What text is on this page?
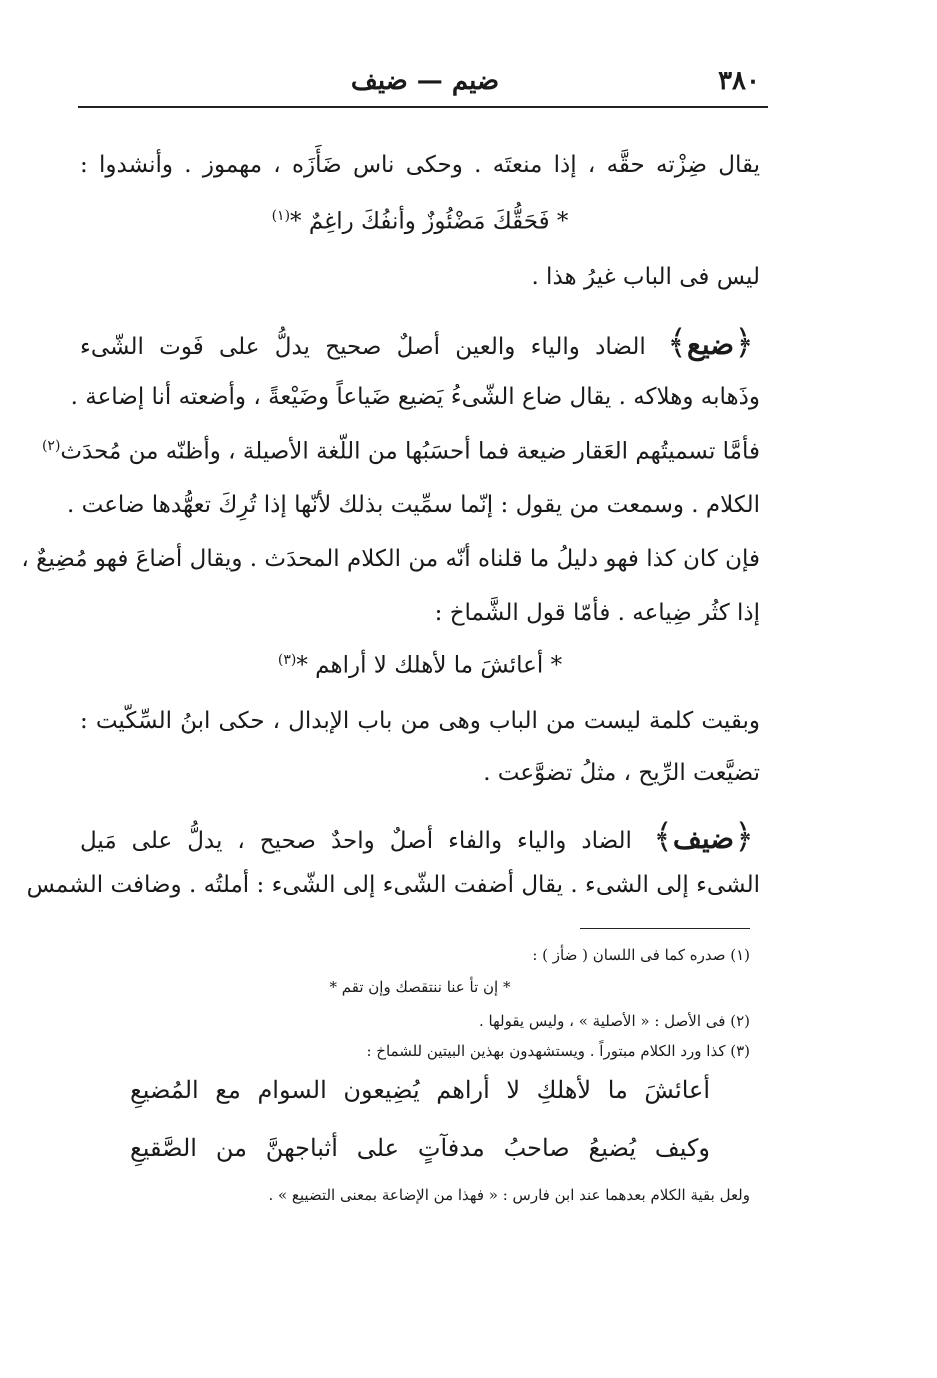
٣٨٠
ضيم — ضيف
يقال ضِزْته حقَّه ، إذا منعتَه . وحكى ناس ضَأَزَه ، مهموز . وأنشدوا :
* فَحَقُّكَ مَضْئُوزٌ وأنفُكَ راغِمٌ *$^{(١)}$
ليس فى الباب غيرُ هذا .
﴿ضيع﴾ الضاد والياء والعين أصلٌ صحيح يدلُّ على فَوت الشّىء
وذَهابه وهلاكه . يقال ضاع الشّىءُ يَضيع ضَياعاً وضَيْعةً ، وأضعته أنا إضاعة .
فأمَّا تسميتُهم العَقار ضيعة فما أحسَبُها من اللّغة الأصيلة ، وأظنّه من مُحدَث$^{(٢)}$
الكلام . وسمعت من يقول : إنّما سمِّيت بذلك لأنّها إذا تُرِكَ تعهُّدها ضاعت .
فإن كان كذا فهو دليلُ ما قلناه أنّه من الكلام المحدَث . ويقال أضاعَ فهو مُضِيعٌ ،
إذا كثُر ضِياعه . فأمّا قول الشَّماخ :
* أعائشَ ما لأهلك لا أراهم *$^{(٣)}$
وبقيت كلمة ليست من الباب وهى من باب الإبدال ، حكى ابنُ السِّكّيت :
تضيَّعت الرِّيح ، مثلُ تضوَّعت .
﴿ضيف﴾ الضاد والياء والفاء أصلٌ واحدٌ صحيح ، يدلُّ على مَيل
الشىء إلى الشىء . يقال أضفت الشّىء إلى الشّىء : أملتُه . وضافت الشمس
(١) صدره كما فى اللسان ( ضأز ) :
* إن تأ عنا ننتقصك وإن تقم *
(٢) فى الأصل : « الأصلية » ، وليس يقولها .
(٣) كذا ورد الكلام مبتوراً . ويستشهدون بهذين البيتين للشماخ :
أعائشَ ما لأهلكِ لا أراهم يُضِيعون السوام مع المُضيعِ
وكيف يُضيعُ صاحبُ مدفآتٍ على أثباجهنَّ من الصَّقيعِ
ولعل بقية الكلام بعدهما عند ابن فارس : « فهذا من الإضاعة بمعنى التضييع » .
